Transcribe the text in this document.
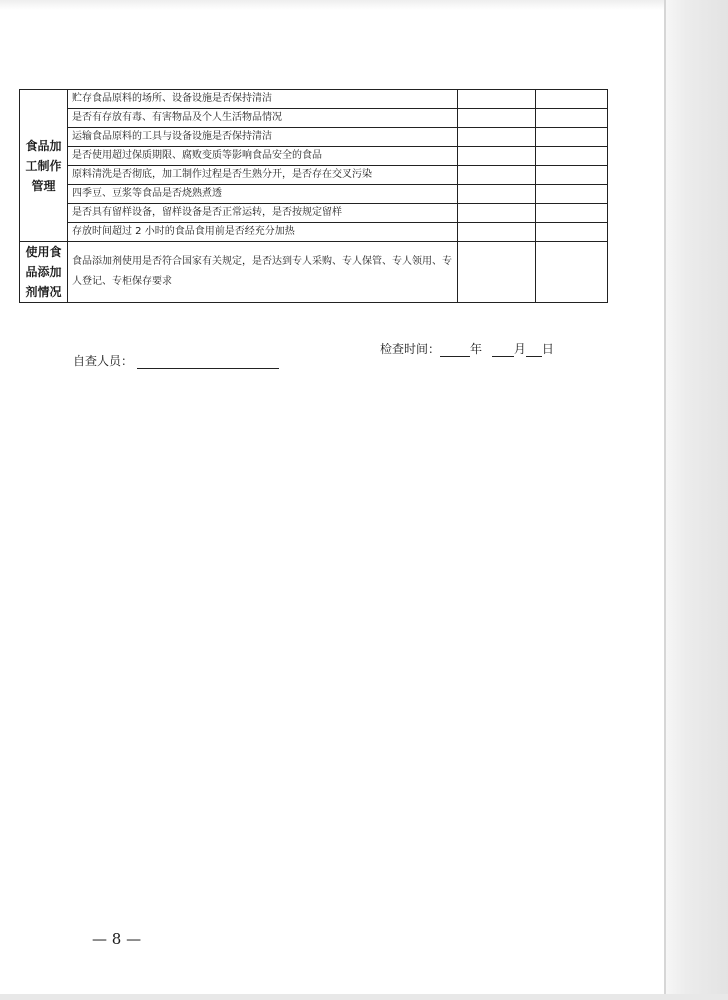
食品加工制作管理	贮存食品原料的场所、设备设施是否保持清洁		
	是否有存放有毒、有害物品及个人生活物品情况		
	运输食品原料的工具与设备设施是否保持清洁		
	是否使用超过保质期限、腐败变质等影响食品安全的食品		
	原料清洗是否彻底，加工制作过程是否生熟分开，是否存在交叉污染		
	四季豆、豆浆等食品是否烧熟煮透		
	是否具有留样设备，留样设备是否正常运转，是否按规定留样		
	存放时间超过 2 小时的食品食用前是否经充分加热		
使用食品添加剂情况	食品添加剂使用是否符合国家有关规定，是否达到专人采购、专人保管、专人领用、专人登记、专柜保存要求		
检查时间：	年	月 日
自查人员：
— 8 —
